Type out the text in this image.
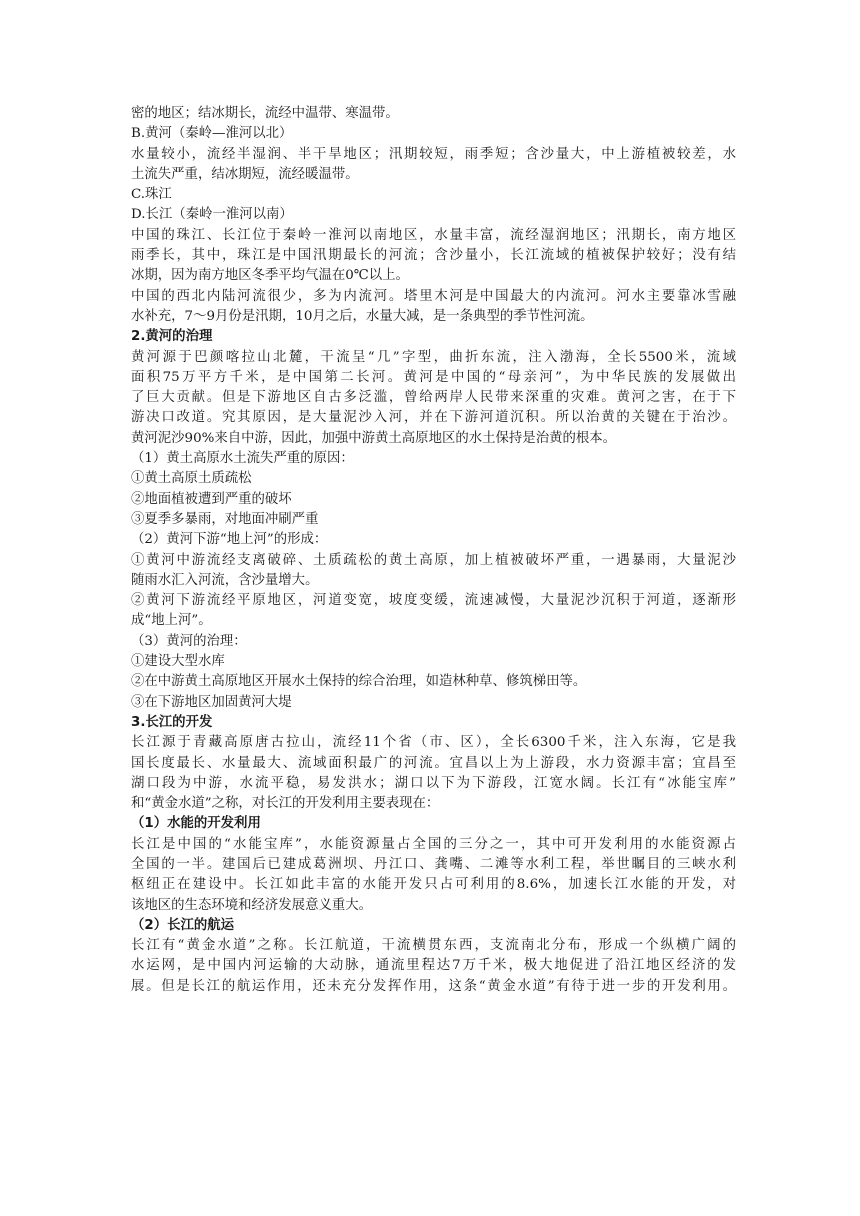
密的地区；结冰期长，流经中温带、寒温带。
B.黄河（秦岭—淮河以北）
水量较小，流经半湿润、半干旱地区；汛期较短，雨季短；含沙量大，中上游植被较差，水
土流失严重，结冰期短，流经暖温带。
C.珠江
D.长江（秦岭一淮河以南）
中国的珠江、长江位于秦岭一淮河以南地区，水量丰富，流经湿润地区；汛期长，南方地区
雨季长，其中，珠江是中国汛期最长的河流；含沙量小，长江流域的植被保护较好；没有结
冰期，因为南方地区冬季平均气温在0℃以上。
中国的西北内陆河流很少，多为内流河。塔里木河是中国最大的内流河。河水主要靠冰雪融
水补充，7～9月份是汛期，10月之后，水量大减，是一条典型的季节性河流。
2.黄河的治理
黄河源于巴颜喀拉山北麓，干流呈“几”字型，曲折东流，注入渤海，全长5500米，流域
面积75万平方千米，是中国第二长河。黄河是中国的“母亲河”，为中华民族的发展做出
了巨大贡献。但是下游地区自古多泛滥，曾给两岸人民带来深重的灾难。黄河之害，在于下
游决口改道。究其原因，是大量泥沙入河，并在下游河道沉积。所以治黄的关键在于治沙。
黄河泥沙90%来自中游，因此，加强中游黄土高原地区的水土保持是治黄的根本。
（1）黄土高原水土流失严重的原因：
①黄土高原土质疏松
②地面植被遭到严重的破坏
③夏季多暴雨，对地面冲刷严重
（2）黄河下游“地上河”的形成：
①黄河中游流经支离破碎、土质疏松的黄土高原，加上植被破坏严重，一遇暴雨，大量泥沙
随雨水汇入河流，含沙量增大。
②黄河下游流经平原地区，河道变宽，坡度变缓，流速减慢，大量泥沙沉积于河道，逐渐形
成“地上河”。
（3）黄河的治理：
①建设大型水库
②在中游黄土高原地区开展水土保持的综合治理，如造林种草、修筑梯田等。
③在下游地区加固黄河大堤
3.长江的开发
长江源于青藏高原唐古拉山，流经11个省（市、区），全长6300千米，注入东海，它是我
国长度最长、水量最大、流域面积最广的河流。宜昌以上为上游段，水力资源丰富；宜昌至
湖口段为中游，水流平稳，易发洪水；湖口以下为下游段，江宽水阔。长江有“冰能宝库”
和“黄金水道”之称，对长江的开发利用主要表现在：
（1）水能的开发利用
长江是中国的“水能宝库”，水能资源量占全国的三分之一，其中可开发利用的水能资源占
全国的一半。建国后已建成葛洲坝、丹江口、龚嘴、二滩等水利工程，举世瞩目的三峡水利
枢纽正在建设中。长江如此丰富的水能开发只占可利用的8.6%，加速长江水能的开发，对
该地区的生态环境和经济发展意义重大。
（2）长江的航运
长江有“黄金水道”之称。长江航道，干流横贯东西，支流南北分布，形成一个纵横广阔的
水运网，是中国内河运输的大动脉，通流里程达7万千米，极大地促进了沿江地区经济的发
展。但是长江的航运作用，还未充分发挥作用，这条“黄金水道”有待于进一步的开发利用。
